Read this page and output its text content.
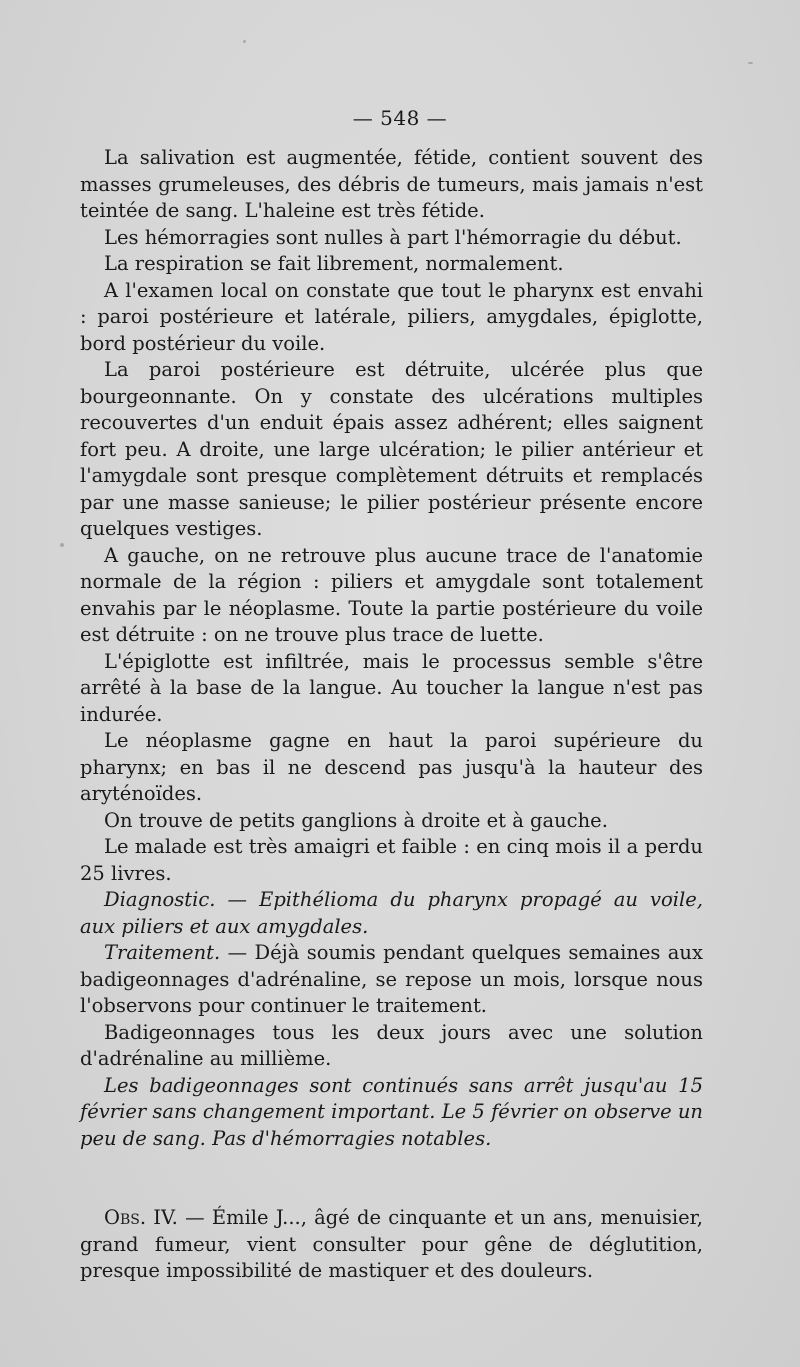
— 548 —

La salivation est augmentée, fétide, contient souvent des masses grumeleuses, des débris de tumeurs, mais jamais n'est teintée de sang. L'haleine est très fétide.

Les hémorragies sont nulles à part l'hémorragie du début.

La respiration se fait librement, normalement.

A l'examen local on constate que tout le pharynx est envahi : paroi postérieure et latérale, piliers, amygdales, épiglotte, bord postérieur du voile.

La paroi postérieure est détruite, ulcérée plus que bourgeonnante. On y constate des ulcérations multiples recouvertes d'un enduit épais assez adhérent; elles saignent fort peu. A droite, une large ulcération; le pilier antérieur et l'amygdale sont presque complètement détruits et remplacés par une masse sanieuse; le pilier postérieur présente encore quelques vestiges.

A gauche, on ne retrouve plus aucune trace de l'anatomie normale de la région : piliers et amygdale sont totalement envahis par le néoplasme. Toute la partie postérieure du voile est détruite : on ne trouve plus trace de luette.

L'épiglotte est infiltrée, mais le processus semble s'être arrêté à la base de la langue. Au toucher la langue n'est pas indurée.

Le néoplasme gagne en haut la paroi supérieure du pharynx; en bas il ne descend pas jusqu'à la hauteur des aryténoïdes.

On trouve de petits ganglions à droite et à gauche.

Le malade est très amaigri et faible : en cinq mois il a perdu 25 livres.

Diagnostic. — Epithélioma du pharynx propagé au voile, aux piliers et aux amygdales.

Traitement. — Déjà soumis pendant quelques semaines aux badigeonnages d'adrénaline, se repose un mois, lorsque nous l'observons pour continuer le traitement.

Badigeonnages tous les deux jours avec une solution d'adrénaline au millième.

Les badigeonnages sont continués sans arrêt jusqu'au 15 février sans changement important. Le 5 février on observe un peu de sang. Pas d'hémorragies notables.

Obs. IV. — Émile J..., âgé de cinquante et un ans, menuisier, grand fumeur, vient consulter pour gêne de déglutition, presque impossibilité de mastiquer et des douleurs.
